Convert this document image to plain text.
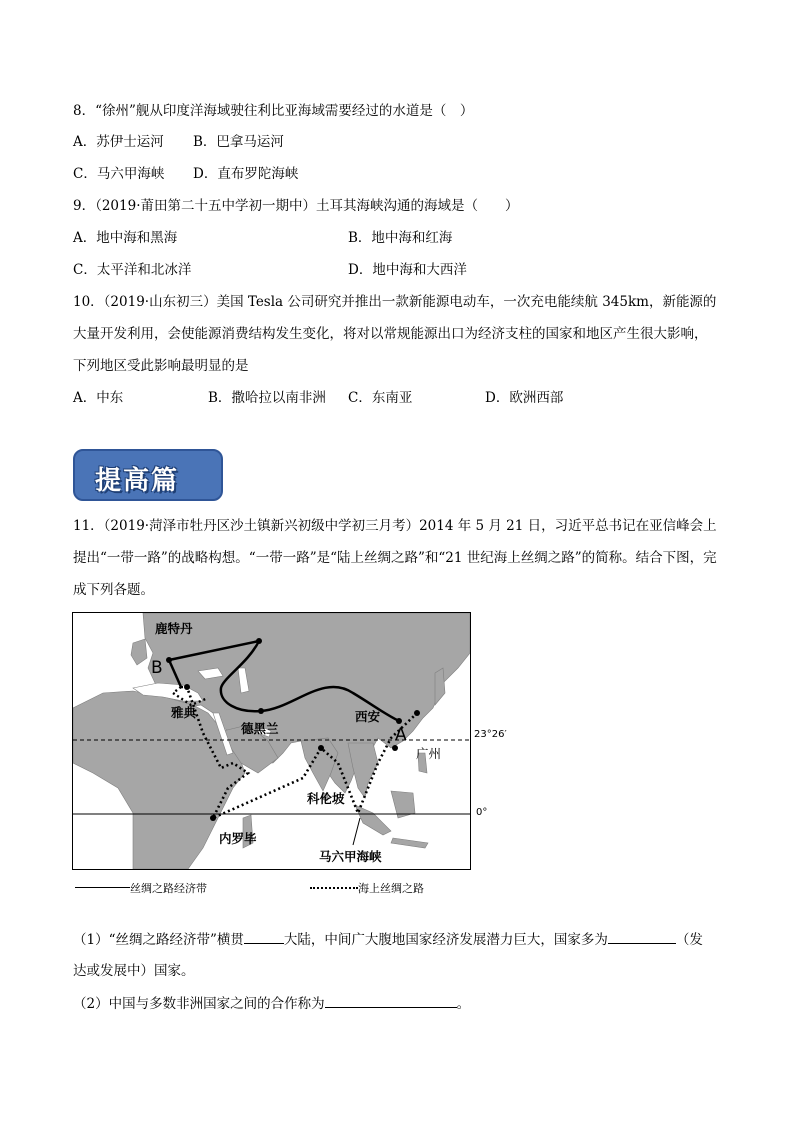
8．“徐州”舰从印度洋海域驶往利比亚海域需要经过的水道是（　）
A．苏伊士运河 B．巴拿马运河
C．马六甲海峡 D．直布罗陀海峡
9．（2019·莆田第二十五中学初一期中）土耳其海峡沟通的海域是（　　）
A．地中海和黑海	B．地中海和红海
C．太平洋和北冰洋	D．地中海和大西洋
10．（2019·山东初三）美国 Tesla 公司研究并推出一款新能源电动车，一次充电能续航 345km，新能源的
大量开发利用，会使能源消费结构发生变化，将对以常规能源出口为经济支柱的国家和地区产生很大影响，
下列地区受此影响最明显的是
A．中东	B．撒哈拉以南非洲 C．东南亚	D．欧洲西部
提高篇
11．（2019·菏泽市牡丹区沙土镇新兴初级中学初三月考）2014 年 5 月 21 日，习近平总书记在亚信峰会上
提出“一带一路”的战略构想。“一带一路”是“陆上丝绸之路”和“21 世纪海上丝绸之路”的简称。结合下图，完
成下列各题。
鹿特丹
B
雅典
德黑兰
西安
A
广州
科伦坡
内罗毕
马六甲海峡
23°26′
0°
丝绸之路经济带	海上丝绸之路
（1）“丝绸之路经济带”横贯	大陆，中间广大腹地国家经济发展潜力巨大，国家多为	（发
达或发展中）国家。
（2）中国与多数非洲国家之间的合作称为	。
